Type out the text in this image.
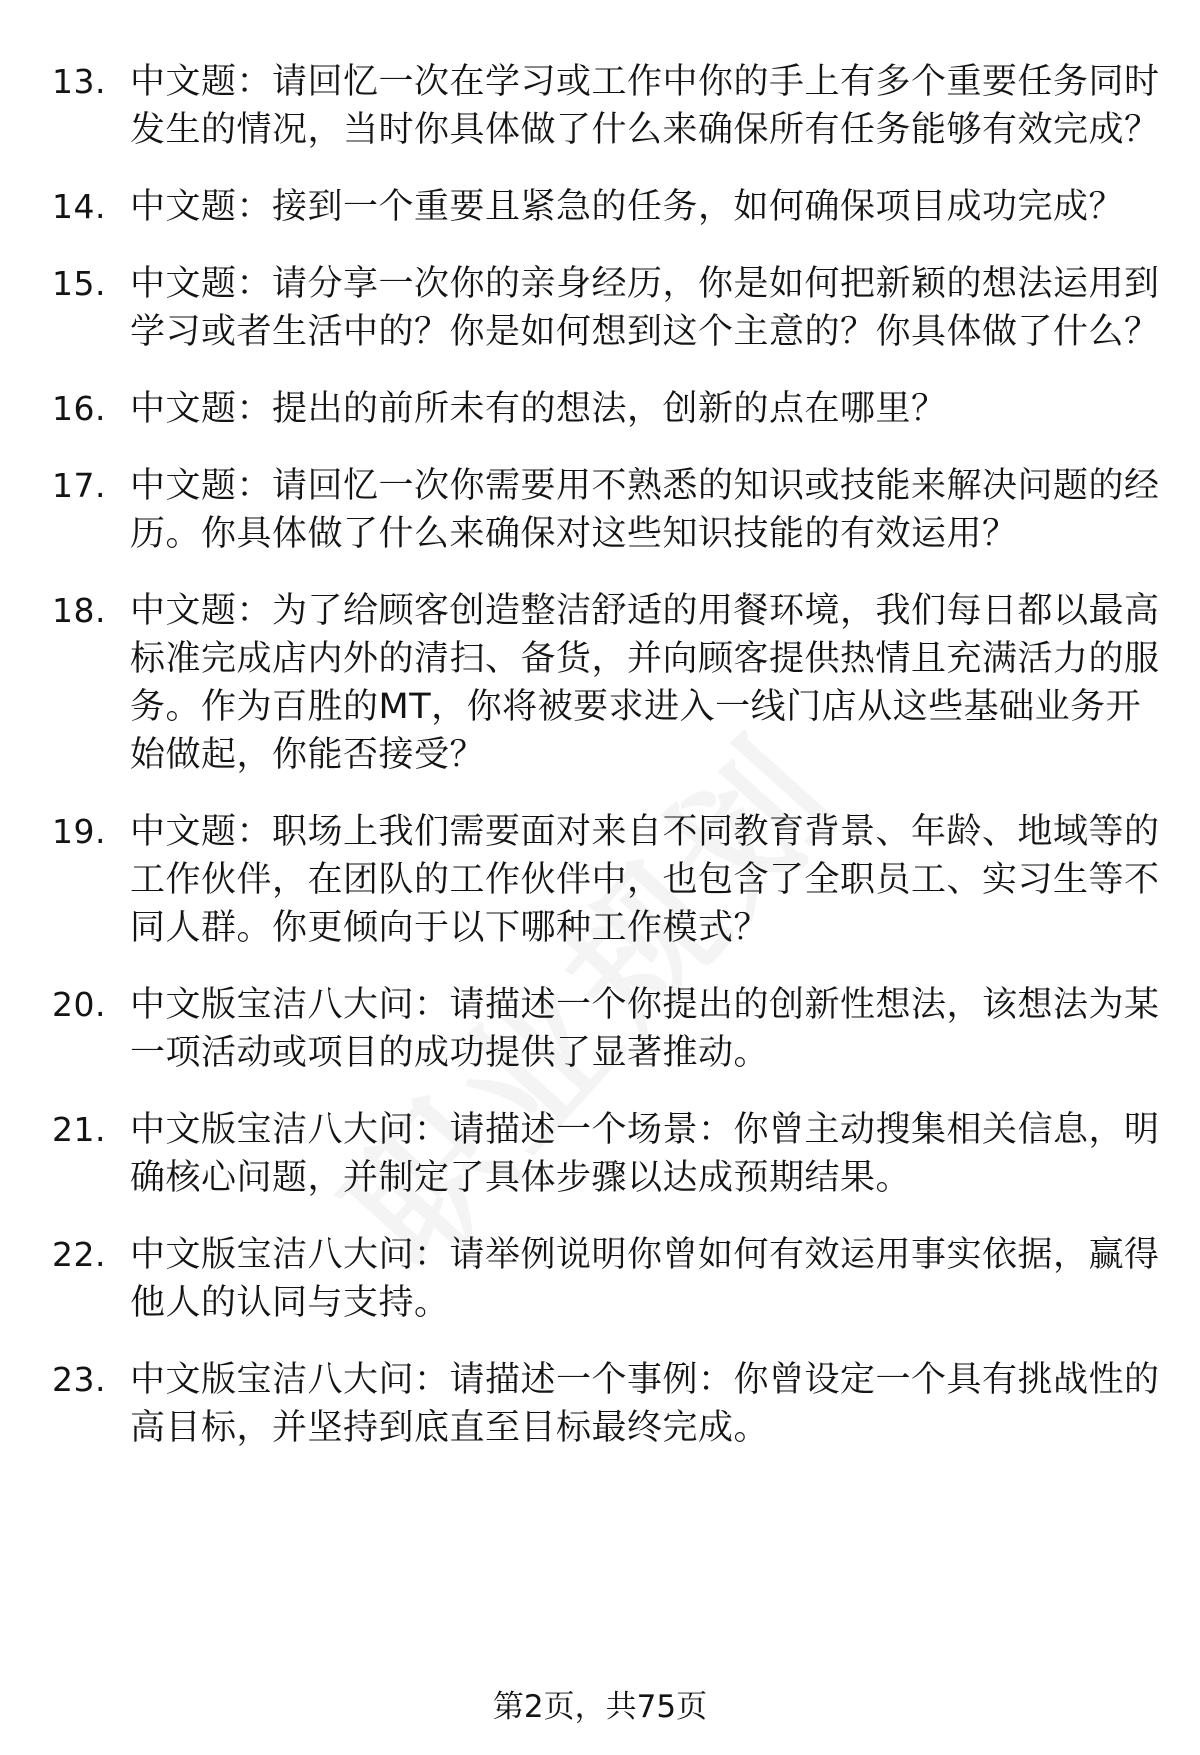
13. 中文题：请回忆一次在学习或工作中你的手上有多个重要任务同时发生的情况，当时你具体做了什么来确保所有任务能够有效完成？
14. 中文题：接到一个重要且紧急的任务，如何确保项目成功完成？
15. 中文题：请分享一次你的亲身经历，你是如何把新颖的想法运用到学习或者生活中的？你是如何想到这个主意的？你具体做了什么？
16. 中文题：提出的前所未有的想法，创新的点在哪里？
17. 中文题：请回忆一次你需要用不熟悉的知识或技能来解决问题的经历。你具体做了什么来确保对这些知识技能的有效运用？
18. 中文题：为了给顾客创造整洁舒适的用餐环境，我们每日都以最高标准完成店内外的清扫、备货，并向顾客提供热情且充满活力的服务。作为百胜的MT，你将被要求进入一线门店从这些基础业务开始做起，你能否接受？
19. 中文题：职场上我们需要面对来自不同教育背景、年龄、地域等的工作伙伴，在团队的工作伙伴中，也包含了全职员工、实习生等不同人群。你更倾向于以下哪种工作模式？
20. 中文版宝洁八大问：请描述一个你提出的创新性想法，该想法为某一项活动或项目的成功提供了显著推动。
21. 中文版宝洁八大问：请描述一个场景：你曾主动搜集相关信息，明确核心问题，并制定了具体步骤以达成预期结果。
22. 中文版宝洁八大问：请举例说明你曾如何有效运用事实依据，赢得他人的认同与支持。
23. 中文版宝洁八大问：请描述一个事例：你曾设定一个具有挑战性的高目标，并坚持到底直至目标最终完成。
第2页，共75页
